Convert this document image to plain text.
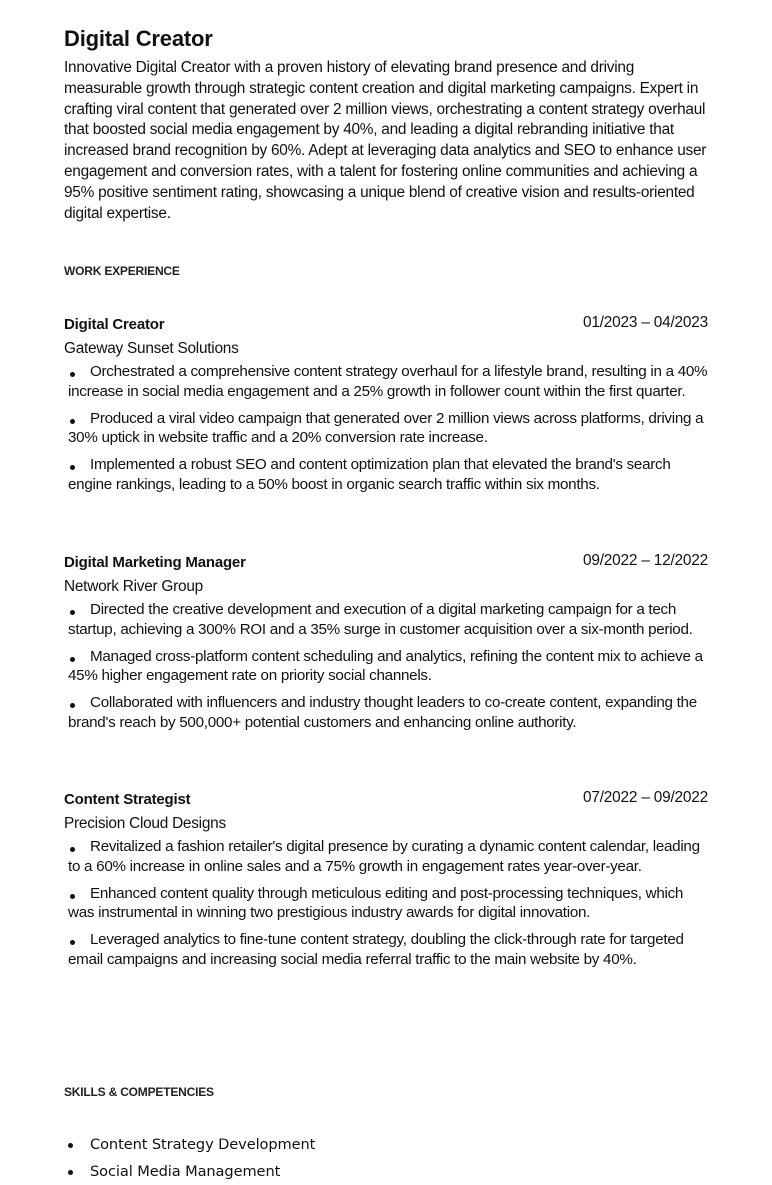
Digital Creator

Innovative Digital Creator with a proven history of elevating brand presence and driving measurable growth through strategic content creation and digital marketing campaigns. Expert in crafting viral content that generated over 2 million views, orchestrating a content strategy overhaul that boosted social media engagement by 40%, and leading a digital rebranding initiative that increased brand recognition by 60%. Adept at leveraging data analytics and SEO to enhance user engagement and conversion rates, with a talent for fostering online communities and achieving a 95% positive sentiment rating, showcasing a unique blend of creative vision and results-oriented digital expertise.

WORK EXPERIENCE
Digital Creator	01/2023 – 04/2023
Gateway Sunset Solutions
Orchestrated a comprehensive content strategy overhaul for a lifestyle brand, resulting in a 40% increase in social media engagement and a 25% growth in follower count within the first quarter.
Produced a viral video campaign that generated over 2 million views across platforms, driving a 30% uptick in website traffic and a 20% conversion rate increase.
Implemented a robust SEO and content optimization plan that elevated the brand's search engine rankings, leading to a 50% boost in organic search traffic within six months.
Digital Marketing Manager	09/2022 – 12/2022
Network River Group
Directed the creative development and execution of a digital marketing campaign for a tech startup, achieving a 300% ROI and a 35% surge in customer acquisition over a six-month period.
Managed cross-platform content scheduling and analytics, refining the content mix to achieve a 45% higher engagement rate on priority social channels.
Collaborated with influencers and industry thought leaders to co-create content, expanding the brand's reach by 500,000+ potential customers and enhancing online authority.
Content Strategist	07/2022 – 09/2022
Precision Cloud Designs
Revitalized a fashion retailer's digital presence by curating a dynamic content calendar, leading to a 60% increase in online sales and a 75% growth in engagement rates year-over-year.
Enhanced content quality through meticulous editing and post-processing techniques, which was instrumental in winning two prestigious industry awards for digital innovation.
Leveraged analytics to fine-tune content strategy, doubling the click-through rate for targeted email campaigns and increasing social media referral traffic to the main website by 40%.
SKILLS & COMPETENCIES
Content Strategy Development
Social Media Management
